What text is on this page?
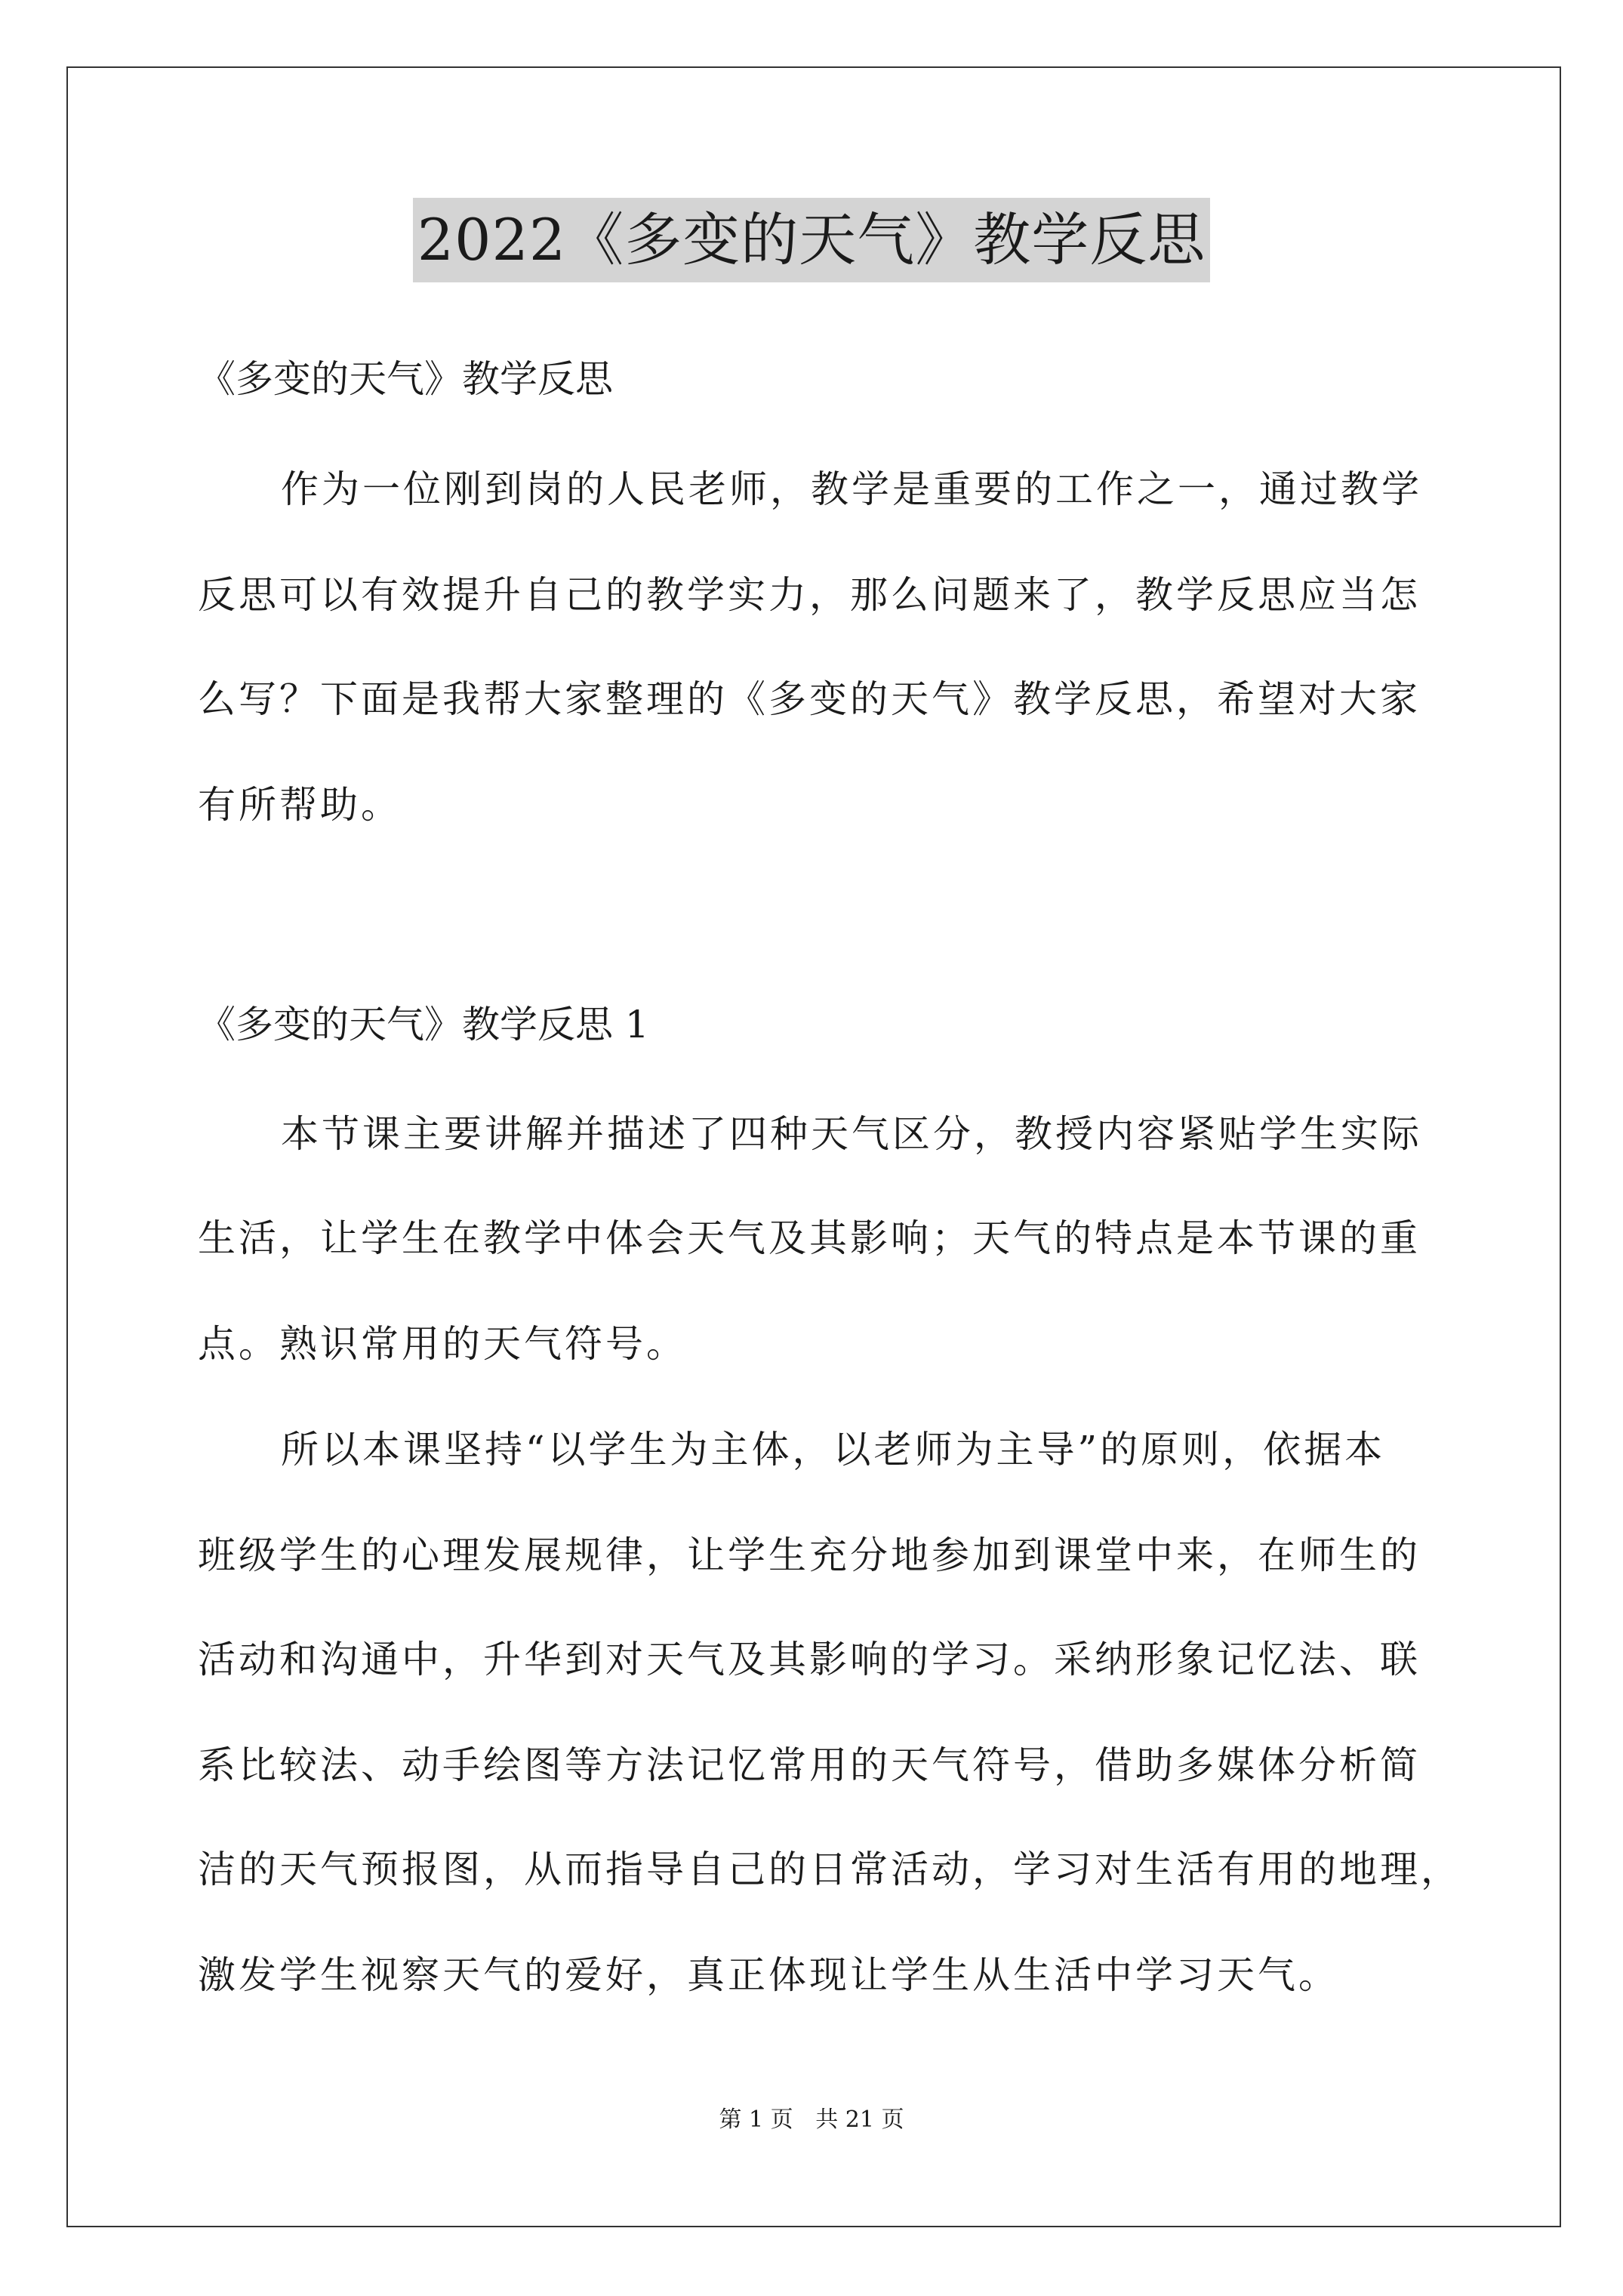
2022《多变的天气》教学反思
《多变的天气》教学反思
作为一位刚到岗的人民老师，教学是重要的工作之一，通过教学
反思可以有效提升自己的教学实力，那么问题来了，教学反思应当怎
么写？下面是我帮大家整理的《多变的天气》教学反思，希望对大家
有所帮助。
《多变的天气》教学反思 1
本节课主要讲解并描述了四种天气区分，教授内容紧贴学生实际
生活，让学生在教学中体会天气及其影响；天气的特点是本节课的重
点。熟识常用的天气符号。
所以本课坚持“以学生为主体，以老师为主导”的原则，依据本
班级学生的心理发展规律，让学生充分地参加到课堂中来，在师生的
活动和沟通中，升华到对天气及其影响的学习。采纳形象记忆法、联
系比较法、动手绘图等方法记忆常用的天气符号，借助多媒体分析简
洁的天气预报图，从而指导自己的日常活动，学习对生活有用的地理，
激发学生视察天气的爱好，真正体现让学生从生活中学习天气。
第 1 页 共 21 页
